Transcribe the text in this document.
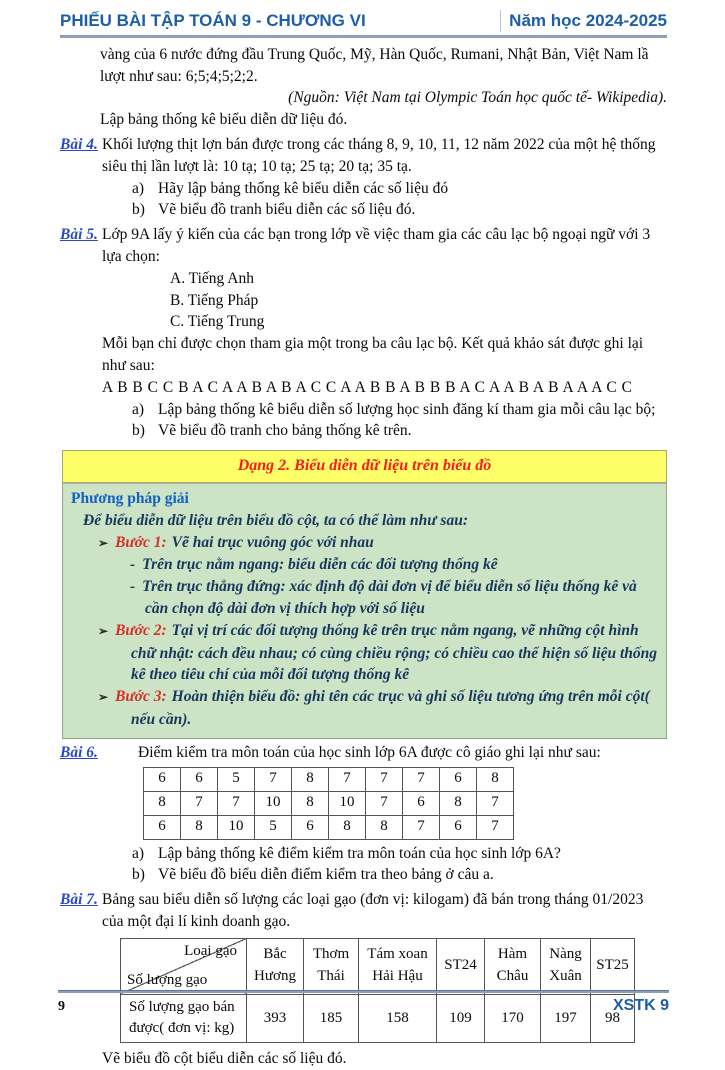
PHIẾU BÀI TẬP TOÁN 9 - CHƯƠNG VI	Năm học 2024-2025

vàng của 6 nước đứng đầu Trung Quốc, Mỹ, Hàn Quốc, Rumani, Nhật Bản, Việt Nam lầ lượt như sau: 6;5;4;5;2;2.

(Nguồn: Việt Nam tại Olympic Toán học quốc tế- Wikipedia).

Lập bảng thống kê biểu diễn dữ liệu đó.

Bài 4. Khối lượng thịt lợn bán được trong các tháng 8, 9, 10, 11, 12 năm 2022 của một hệ thống siêu thị lần lượt là: 10 tạ; 10 tạ; 25 tạ; 20 tạ; 35 tạ.

a) Hãy lập bảng thống kê biểu diễn các số liệu đó
b) Vẽ biểu đồ tranh biểu diễn các số liệu đó.
Bài 5. Lớp 9A lấy ý kiến của các bạn trong lớp về việc tham gia các câu lạc bộ ngoại ngữ với 3 lựa chọn:

A. Tiếng Anh
B. Tiếng Pháp
C. Tiếng Trung

Mỗi bạn chỉ được chọn tham gia một trong ba câu lạc bộ. Kết quả khảo sát được ghi lại như sau:

A B B C C B A C A A B A B A C C A A B B A B B B A C A A B A B A A A C C

a) Lập bảng thống kê biểu diễn số lượng học sinh đăng kí tham gia mỗi câu lạc bộ;
b) Vẽ biểu đồ tranh cho bảng thống kê trên.
Dạng 2. Biểu diễn dữ liệu trên biểu đồ

Phương pháp giải

Để biểu diễn dữ liệu trên biểu đồ cột, ta có thể làm như sau:

➢ Bước 1: Vẽ hai trục vuông góc với nhau

- Trên trục nằm ngang: biểu diễn các đối tượng thống kê

- Trên trục thẳng đứng: xác định độ dài đơn vị để biểu diễn số liệu thống kê và cần chọn độ dài đơn vị thích hợp với số liệu

➢ Bước 2: Tại vị trí các đối tượng thống kê trên trục nằm ngang, vẽ những cột hình chữ nhật: cách đều nhau; có cùng chiều rộng; có chiều cao thể hiện số liệu thống kê theo tiêu chí của mỗi đối tượng thống kê

➢ Bước 3: Hoàn thiện biểu đồ: ghi tên các trục và ghi số liệu tương ứng trên mỗi cột( nếu cần).

Bài 6.	Điểm kiểm tra môn toán của học sinh lớp 6A được cô giáo ghi lại như sau:

6	6	5	7	8	7	7	7	6	8
8	7	7	10	8	10	7	6	8	7
6	8	10	5	6	8	8	7	6	7
a) Lập bảng thống kê điểm kiểm tra môn toán của học sinh lớp 6A?
b) Vẽ biểu đồ biểu diễn điểm kiểm tra theo bảng ở câu a.
Bài 7. Bảng sau biểu diễn số lượng các loại gạo (đơn vị: kilogam) đã bán trong tháng 01/2023 của một đại lí kinh doanh gạo.

Loại gạo
Số lượng gạo	Bắc Hương	Thơm Thái	Tám xoan Hải Hậu	ST24	Hàm Châu	Nàng Xuân	ST25
Số lượng gạo bán được( đơn vị: kg)	393	185	158	109	170	197	98

Vẽ biểu đồ cột biểu diễn các số liệu đó.

9	XSTK 9
